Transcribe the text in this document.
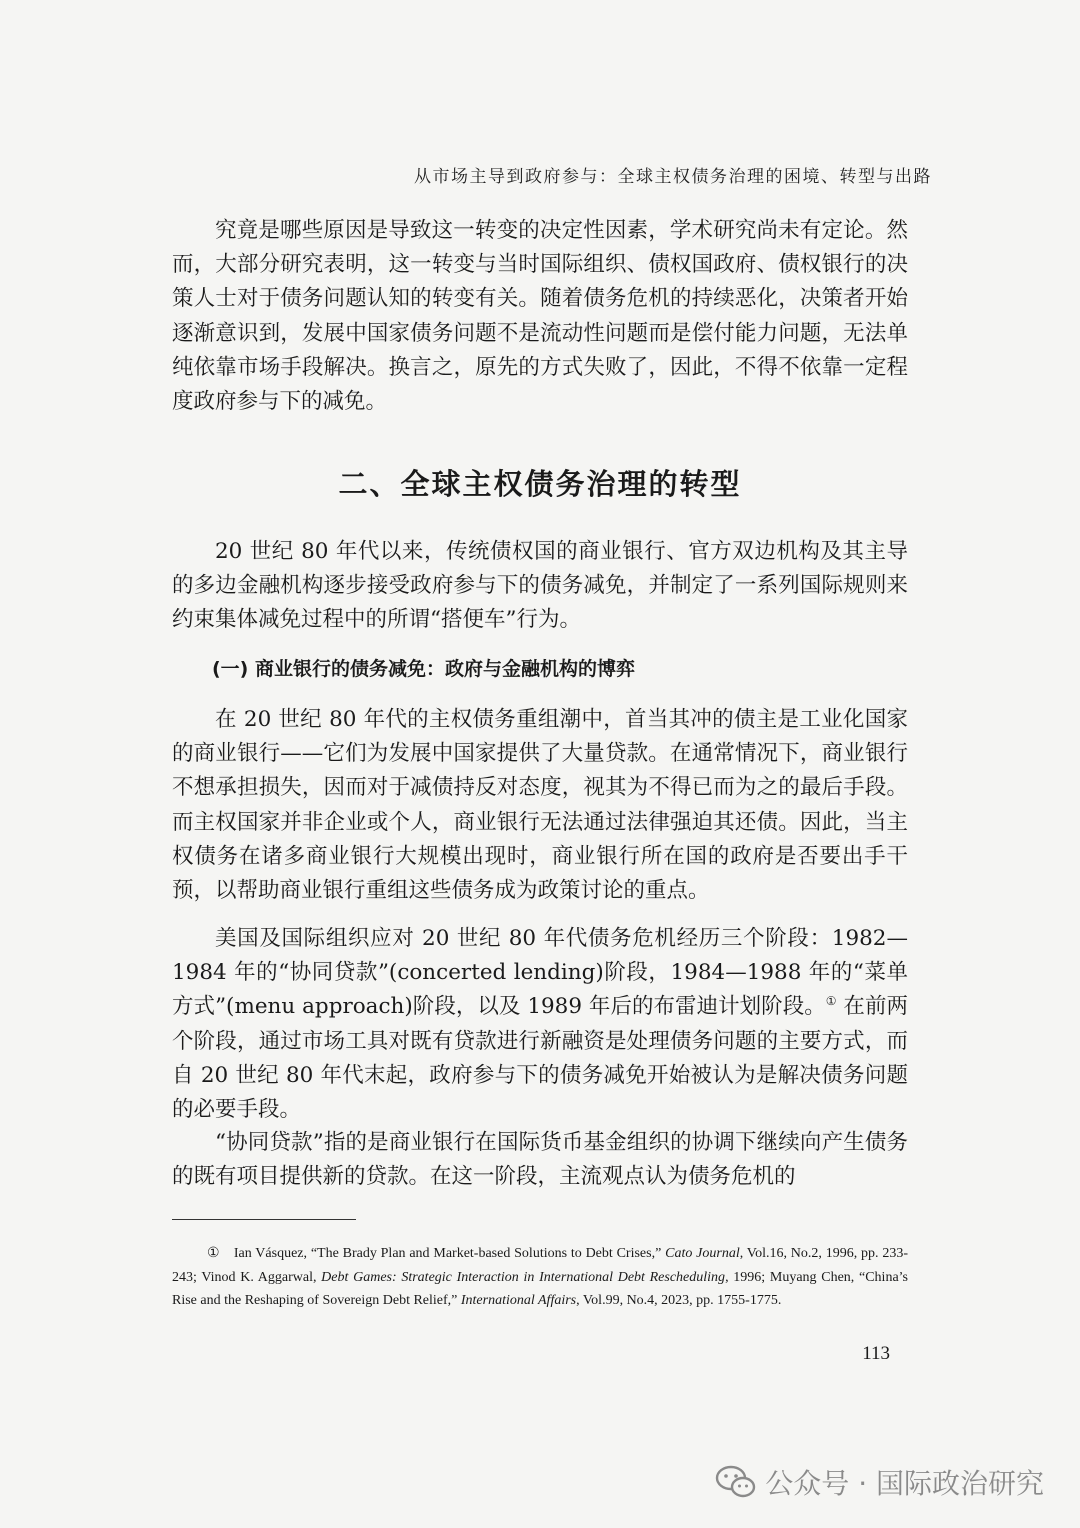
从市场主导到政府参与：全球主权债务治理的困境、转型与出路

究竟是哪些原因是导致这一转变的决定性因素，学术研究尚未有定论。然而，大部分研究表明，这一转变与当时国际组织、债权国政府、债权银行的决策人士对于债务问题认知的转变有关。随着债务危机的持续恶化，决策者开始逐渐意识到，发展中国家债务问题不是流动性问题而是偿付能力问题，无法单纯依靠市场手段解决。换言之，原先的方式失败了，因此，不得不依靠一定程度政府参与下的减免。

二、全球主权债务治理的转型

20 世纪 80 年代以来，传统债权国的商业银行、官方双边机构及其主导的多边金融机构逐步接受政府参与下的债务减免，并制定了一系列国际规则来约束集体减免过程中的所谓“搭便车”行为。

(一) 商业银行的债务减免：政府与金融机构的博弈

在 20 世纪 80 年代的主权债务重组潮中，首当其冲的债主是工业化国家的商业银行——它们为发展中国家提供了大量贷款。在通常情况下，商业银行不想承担损失，因而对于减债持反对态度，视其为不得已而为之的最后手段。而主权国家并非企业或个人，商业银行无法通过法律强迫其还债。因此，当主权债务在诸多商业银行大规模出现时，商业银行所在国的政府是否要出手干预，以帮助商业银行重组这些债务成为政策讨论的重点。

美国及国际组织应对 20 世纪 80 年代债务危机经历三个阶段：1982—1984 年的“协同贷款”(concerted lending)阶段，1984—1988 年的“菜单方式”(menu approach)阶段，以及 1989 年后的布雷迪计划阶段。① 在前两个阶段，通过市场工具对既有贷款进行新融资是处理债务问题的主要方式，而自 20 世纪 80 年代末起，政府参与下的债务减免开始被认为是解决债务问题的必要手段。

“协同贷款”指的是商业银行在国际货币基金组织的协调下继续向产生债务的既有项目提供新的贷款。在这一阶段，主流观点认为债务危机的

① Ian Vásquez, “The Brady Plan and Market-based Solutions to Debt Crises,” Cato Journal, Vol.16, No.2, 1996, pp. 233-243; Vinod K. Aggarwal, Debt Games: Strategic Interaction in International Debt Rescheduling, 1996; Muyang Chen, “China’s Rise and the Reshaping of Sovereign Debt Relief,” International Affairs, Vol.99, No.4, 2023, pp. 1755-1775.

113
公众号 · 国际政治研究
